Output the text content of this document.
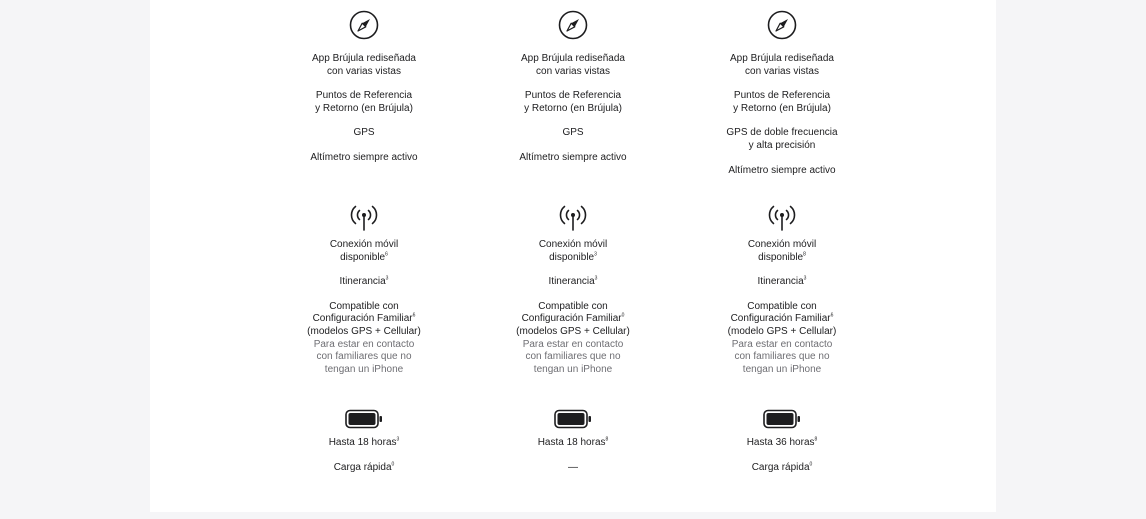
App Brújula rediseñada
con varias vistas
Puntos de Referencia
y Retorno (en Brújula)
GPS
Altímetro siempre activo
Conexión móvil
disponible$^6$
Itinerancia$^3$
Compatible con
Configuración Familiar$^6$
(modelos GPS + Cellular)
Para estar en contacto
con familiares que no
tengan un iPhone
Hasta 18 horas$^3$
Carga rápida$^0$
App Brújula rediseñada
con varias vistas
Puntos de Referencia
y Retorno (en Brújula)
GPS
Altímetro siempre activo
Conexión móvil
disponible$^3$
Itinerancia$^3$
Compatible con
Configuración Familiar$^0$
(modelos GPS + Cellular)
Para estar en contacto
con familiares que no
tengan un iPhone
Hasta 18 horas$^8$
—
App Brújula rediseñada
con varias vistas
Puntos de Referencia
y Retorno (en Brújula)
GPS de doble frecuencia
y alta precisión
Altímetro siempre activo
Conexión móvil
disponible$^8$
Itinerancia$^3$
Compatible con
Configuración Familiar$^6$
(modelo GPS + Cellular)
Para estar en contacto
con familiares que no
tengan un iPhone
Hasta 36 horas$^8$
Carga rápida$^0$
